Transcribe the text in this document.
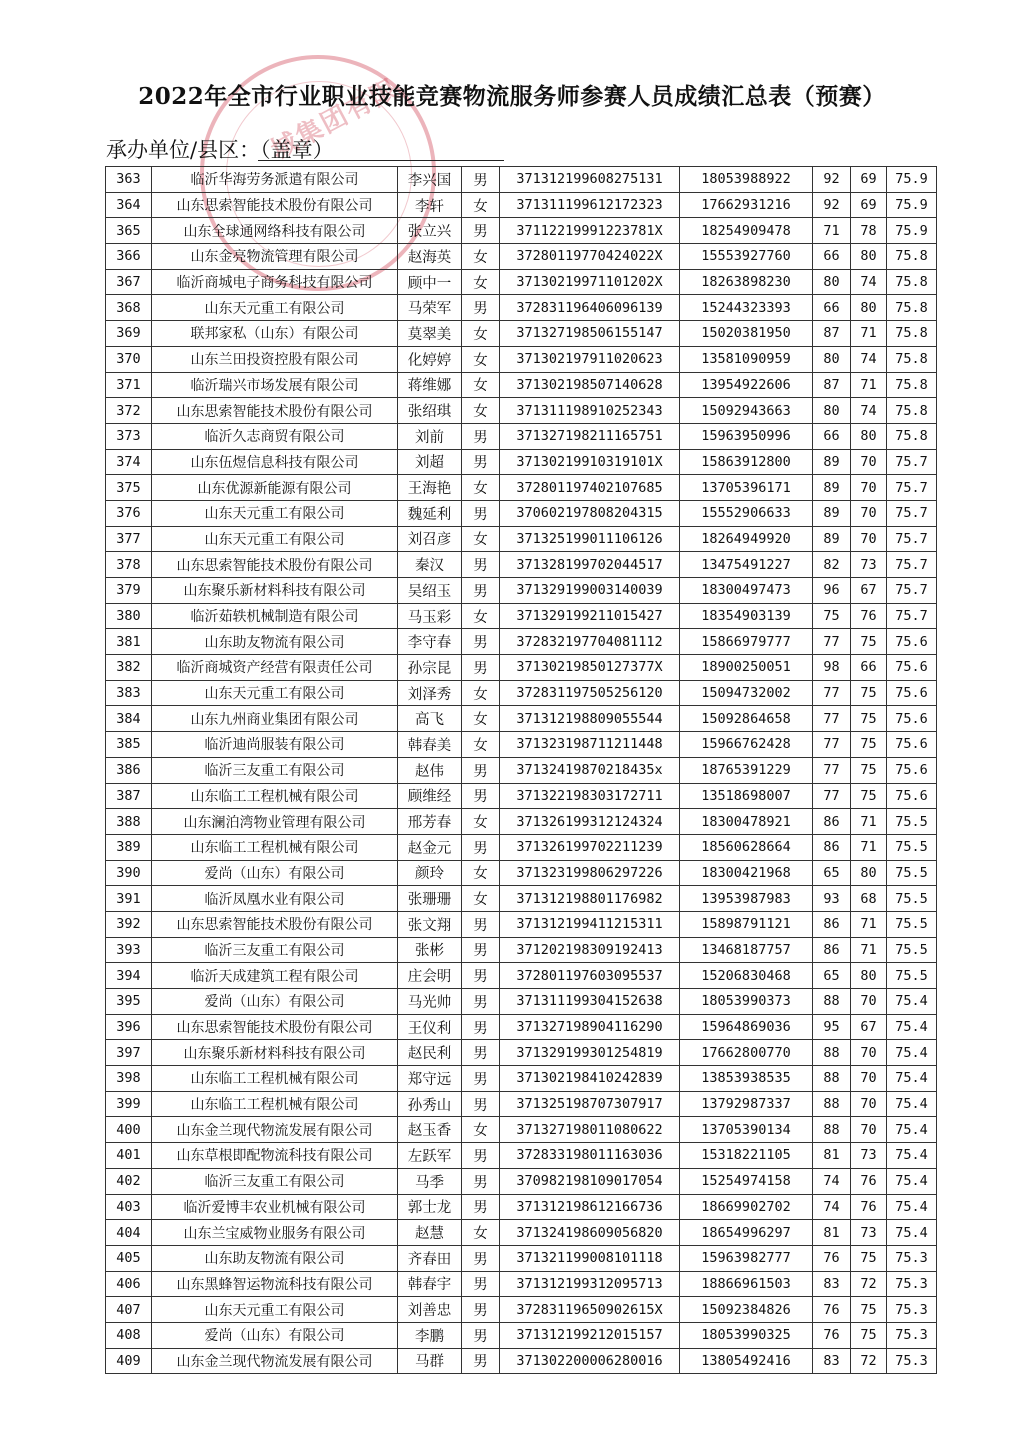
城集团有限
2022年全市行业职业技能竞赛物流服务师参赛人员成绩汇总表（预赛）
承办单位/县区：（盖章）
363	临沂华海劳务派遣有限公司	李兴国	男	371312199608275131	18053988922	92	69	75.9
364	山东思索智能技术股份有限公司	李轩	女	371311199612172323	17662931216	92	69	75.9
365	山东全球通网络科技有限公司	张立兴	男	37112219991223781X	18254909478	71	78	75.9
366	山东金亮物流管理有限公司	赵海英	女	37280119770424022X	15553927760	66	80	75.8
367	临沂商城电子商务科技有限公司	顾中一	女	37130219971101202X	18263898230	80	74	75.8
368	山东天元重工有限公司	马荣军	男	372831196406096139	15244323393	66	80	75.8
369	联邦家私（山东）有限公司	莫翠美	女	371327198506155147	15020381950	87	71	75.8
370	山东兰田投资控股有限公司	化婷婷	女	371302197911020623	13581090959	80	74	75.8
371	临沂瑞兴市场发展有限公司	蒋维娜	女	371302198507140628	13954922606	87	71	75.8
372	山东思索智能技术股份有限公司	张绍琪	女	371311198910252343	15092943663	80	74	75.8
373	临沂久志商贸有限公司	刘前	男	371327198211165751	15963950996	66	80	75.8
374	山东伍煜信息科技有限公司	刘超	男	37130219910319101X	15863912800	89	70	75.7
375	山东优源新能源有限公司	王海艳	女	372801197402107685	13705396171	89	70	75.7
376	山东天元重工有限公司	魏延利	男	370602197808204315	15552906633	89	70	75.7
377	山东天元重工有限公司	刘召彦	女	371325199011106126	18264949920	89	70	75.7
378	山东思索智能技术股份有限公司	秦汉	男	371328199702044517	13475491227	82	73	75.7
379	山东聚乐新材料科技有限公司	吴绍玉	男	371329199003140039	18300497473	96	67	75.7
380	临沂茹轶机械制造有限公司	马玉彩	女	371329199211015427	18354903139	75	76	75.7
381	山东助友物流有限公司	李守春	男	372832197704081112	15866979777	77	75	75.6
382	临沂商城资产经营有限责任公司	孙宗昆	男	37130219850127377X	18900250051	98	66	75.6
383	山东天元重工有限公司	刘泽秀	女	372831197505256120	15094732002	77	75	75.6
384	山东九州商业集团有限公司	高飞	女	371312198809055544	15092864658	77	75	75.6
385	临沂迪尚服装有限公司	韩春美	女	371323198711211448	15966762428	77	75	75.6
386	临沂三友重工有限公司	赵伟	男	37132419870218435x	18765391229	77	75	75.6
387	山东临工工程机械有限公司	顾维经	男	371322198303172711	13518698007	77	75	75.6
388	山东澜泊湾物业管理有限公司	邢芳春	女	371326199312124324	18300478921	86	71	75.5
389	山东临工工程机械有限公司	赵金元	男	371326199702211239	18560628664	86	71	75.5
390	爱尚（山东）有限公司	颜玲	女	371323199806297226	18300421968	65	80	75.5
391	临沂凤凰水业有限公司	张珊珊	女	371312198801176982	13953987983	93	68	75.5
392	山东思索智能技术股份有限公司	张文翔	男	371312199411215311	15898791121	86	71	75.5
393	临沂三友重工有限公司	张彬	男	371202198309192413	13468187757	86	71	75.5
394	临沂天成建筑工程有限公司	庄会明	男	372801197603095537	15206830468	65	80	75.5
395	爱尚（山东）有限公司	马光帅	男	371311199304152638	18053990373	88	70	75.4
396	山东思索智能技术股份有限公司	王仪利	男	371327198904116290	15964869036	95	67	75.4
397	山东聚乐新材料科技有限公司	赵民利	男	371329199301254819	17662800770	88	70	75.4
398	山东临工工程机械有限公司	郑守远	男	371302198410242839	13853938535	88	70	75.4
399	山东临工工程机械有限公司	孙秀山	男	371325198707307917	13792987337	88	70	75.4
400	山东金兰现代物流发展有限公司	赵玉香	女	371327198011080622	13705390134	88	70	75.4
401	山东草根即配物流科技有限公司	左跃军	男	372833198011163036	15318221105	81	73	75.4
402	临沂三友重工有限公司	马季	男	370982198109017054	15254974158	74	76	75.4
403	临沂爱博丰农业机械有限公司	郭士龙	男	371312198612166736	18669902702	74	76	75.4
404	山东兰宝威物业服务有限公司	赵慧	女	371324198609056820	18654996297	81	73	75.4
405	山东助友物流有限公司	齐春田	男	371321199008101118	15963982777	76	75	75.3
406	山东黑蜂智运物流科技有限公司	韩春宇	男	371312199312095713	18866961503	83	72	75.3
407	山东天元重工有限公司	刘善忠	男	37283119650902615X	15092384826	76	75	75.3
408	爱尚（山东）有限公司	李鹏	男	371312199212015157	18053990325	76	75	75.3
409	山东金兰现代物流发展有限公司	马群	男	371302200006280016	13805492416	83	72	75.3
